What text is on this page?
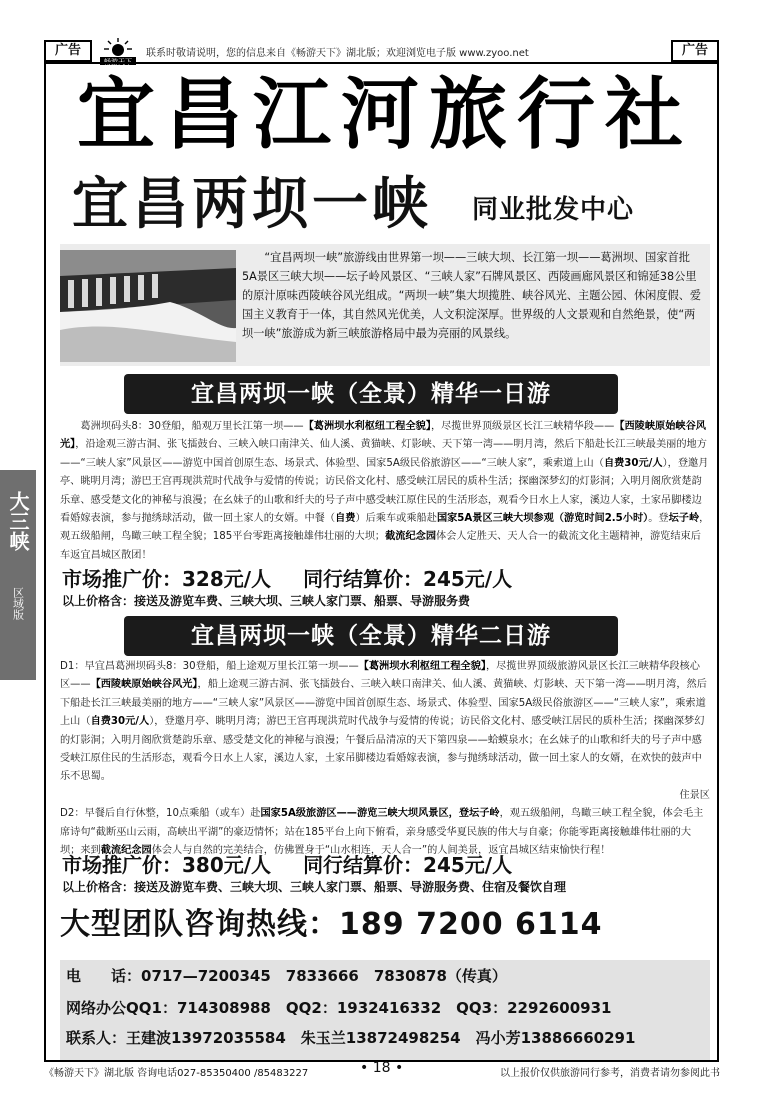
广告
畅游天下
联系时敬请说明，您的信息来自《畅游天下》湖北版；欢迎浏览电子版 www.zyoo.net	广告
宜昌江河旅行社
宜昌两坝一峡 同业批发中心
“宜昌两坝一峡”旅游线由世界第一坝——三峡大坝、长江第一坝——葛洲坝、国家首批5A景区三峡大坝——坛子岭风景区、“三峡人家”石牌风景区、西陵画廊风景区和锦延38公里的原汁原味西陵峡谷风光组成。“两坝一峡”集大坝揽胜、峡谷风光、主题公园、休闲度假、爱国主义教育于一体，其自然风光优美，人文积淀深厚。世界级的人文景观和自然绝景，使“两坝一峡”旅游成为新三峡旅游格局中最为亮丽的风景线。
宜昌两坝一峡（全景）精华一日游
葛洲坝码头8：30登船，船观万里长江第一坝——【葛洲坝水利枢纽工程全貌】，尽揽世界顶级景区长江三峡精华段——【西陵峡原始峡谷风光】，沿途观三游古洞、张飞擂鼓台、三峡入峡口南津关、仙人溪、黄猫峡、灯影峡、天下第一湾——明月湾，然后下船赴长江三峡最美丽的地方——“三峡人家”风景区——游览中国首创原生态、场景式、体验型、国家5A级民俗旅游区——“三峡人家”，乘索道上山（自费30元/人），登邀月亭、眺明月湾；游巴王宫再现洪荒时代战争与爱情的传说；访民俗文化村、感受峡江居民的质朴生活；探幽深梦幻的灯影洞；入明月阁欣赏楚韵乐章、感受楚文化的神秘与浪漫；在幺妹子的山歌和纤夫的号子声中感受峡江原住民的生活形态，观看今日水上人家，溪边人家，土家吊脚楼边看婚嫁表演，参与抛绣球活动，做一回土家人的女婿。中餐（自费）后乘车或乘船赴国家5A景区三峡大坝参观（游览时间2.5小时）。登坛子岭，观五级船闸，鸟瞰三峡工程全貌；185平台零距离接触雄伟壮丽的大坝；截流纪念园体会人定胜天、天人合一的截流文化主题精神，游览结束后车返宜昌城区散团！
市场推广价：328元/人 同行结算价：245元/人
以上价格含：接送及游览车费、三峡大坝、三峡人家门票、船票、导游服务费
宜昌两坝一峡（全景）精华二日游
D1：早宜昌葛洲坝码头8：30登船，船上途观万里长江第一坝——【葛洲坝水利枢纽工程全貌】，尽揽世界顶级旅游风景区长江三峡精华段核心区——【西陵峡原始峡谷风光】，船上途观三游古洞、张飞擂鼓台、三峡入峡口南津关、仙人溪、黄猫峡、灯影峡、天下第一湾——明月湾，然后下船赴长江三峡最美丽的地方——“三峡人家”风景区——游览中国首创原生态、场景式、体验型、国家5A级民俗旅游区——“三峡人家”，乘索道上山（自费30元/人），登邀月亭、眺明月湾；游巴王宫再现洪荒时代战争与爱情的传说；访民俗文化村、感受峡江居民的质朴生活；探幽深梦幻的灯影洞；入明月阁欣赏楚韵乐章、感受楚文化的神秘与浪漫；午餐后品清凉的天下第四泉——蛤蟆泉水；在幺妹子的山歌和纤夫的号子声中感受峡江原住民的生活形态，观看今日水上人家，溪边人家，土家吊脚楼边看婚嫁表演，参与抛绣球活动，做一回土家人的女婿，在欢快的鼓声中乐不思蜀。
住景区
D2：早餐后自行休整，10点乘船（或车）赴国家5A级旅游区——游览三峡大坝风景区，登坛子岭，观五级船闸，鸟瞰三峡工程全貌，体会毛主席诗句“截断巫山云雨，高峡出平湖”的豪迈情怀；站在185平台上向下俯看，亲身感受华夏民族的伟大与自豪；你能零距离接触雄伟壮丽的大坝；来到截流纪念园体会人与自然的完美结合，仿佛置身于“山水相连，天人合一”的人间美景，返宜昌城区结束愉快行程！
市场推广价：380元/人 同行结算价：245元/人
以上价格含：接送及游览车费、三峡大坝、三峡人家门票、船票、导游服务费、住宿及餐饮自理
大型团队咨询热线：189 7200 6114
电　　话：0717—7200345　7833666　7830878（传真）
网络办公QQ1：714308988　QQ2：1932416332　QQ3：2292600931
联系人：王建波13972035584　朱玉兰13872498254　冯小芳13886660291
大三峡
区域版
《畅游天下》湖北版 咨询电话027-85350400 /85483227	• 18 •	以上报价仅供旅游同行参考，消费者请勿参阅此书
